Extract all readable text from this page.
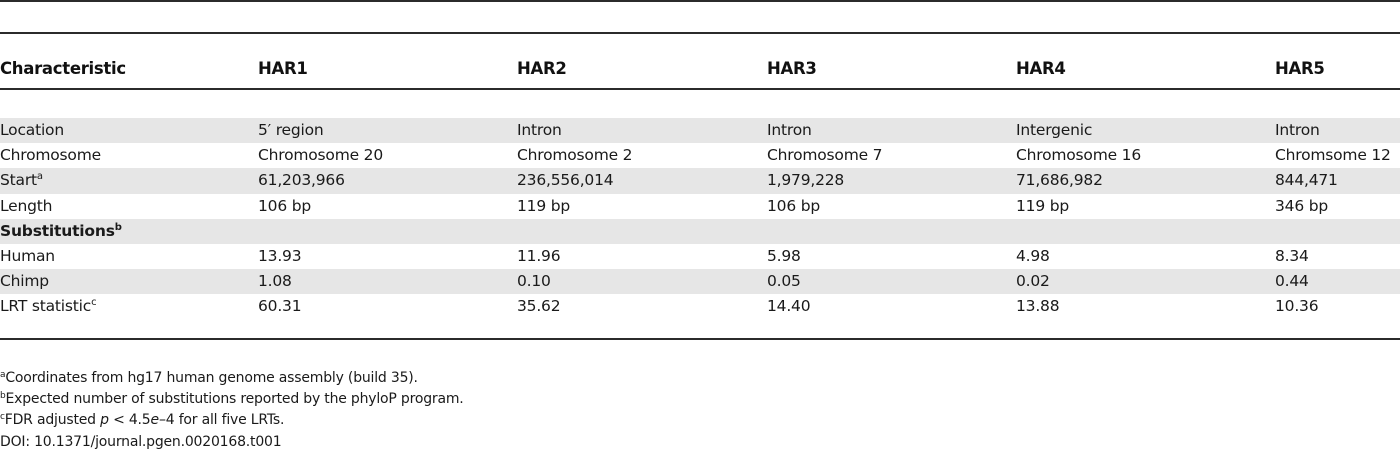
Characteristic	HAR1	HAR2	HAR3	HAR4	HAR5
Location	5′ region	Intron	Intron	Intergenic	Intron
Chromosome	Chromosome 20	Chromosome 2	Chromosome 7	Chromosome 16	Chromsome 12
Start$^a$	61,203,966	236,556,014	1,979,228	71,686,982	844,471
Length	106 bp	119 bp	106 bp	119 bp	346 bp
Substitutions$^b$
Human	13.93	11.96	5.98	4.98	8.34
Chimp	1.08	0.10	0.05	0.02	0.44
LRT statistic$^c$	60.31	35.62	14.40	13.88	10.36
$^a$Coordinates from hg17 human genome assembly (build 35).
$^b$Expected number of substitutions reported by the phyloP program.
$^c$FDR adjusted p < 4.5e–4 for all five LRTs.
DOI: 10.1371/journal.pgen.0020168.t001
